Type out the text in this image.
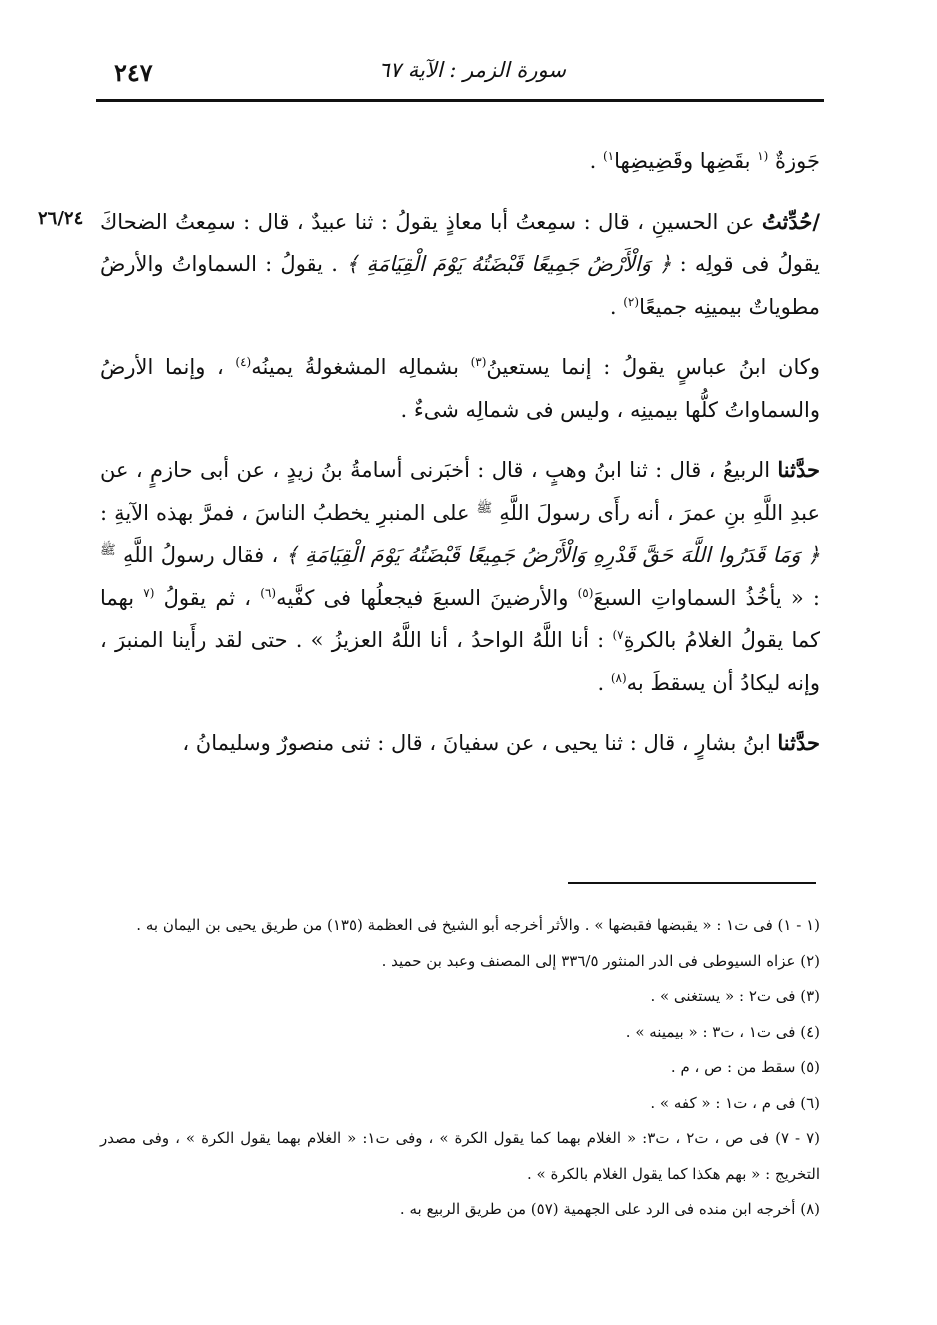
٢٤٧	سورة الزمر : الآية ٦٧
٢٦/٢٤

جَوزةٌ $^{(١}$ بقَضِها وقَضِيضِها$^{١)}$ .

/حُدِّثتُ عن الحسينِ ، قال : سمِعتُ أبا معاذٍ يقولُ : ثنا عبيدٌ ، قال : سمِعتُ الضحاكَ يقولُ فى قولِه : ﴿ وَالْأَرْضُ جَمِيعًا قَبْضَتُهُ يَوْمَ الْقِيَامَةِ ﴾ . يقولُ : السماواتُ والأرضُ مطوياتٌ بيمينِه جميعًا$^{(٢)}$ .

وكان ابنُ عباسٍ يقولُ : إنما يستعينُ$^{(٣)}$ بشمالِه المشغولةُ يمينُه$^{(٤)}$ ، وإنما الأرضُ والسماواتُ كلُّها بيمينِه ، وليس فى شمالِه شىءٌ .

حدَّثنا الربيعُ ، قال : ثنا ابنُ وهبٍ ، قال : أخبَرنى أسامةُ بنُ زيدٍ ، عن أبى حازمٍ ، عن عبدِ اللَّهِ بنِ عمرَ ، أنه رأَى رسولَ اللَّهِ $^ﷺ$ على المنبرِ يخطبُ الناسَ ، فمرَّ بهذه الآيةِ : ﴿ وَمَا قَدَرُوا اللَّهَ حَقَّ قَدْرِهِ وَالْأَرْضُ جَمِيعًا قَبْضَتُهُ يَوْمَ الْقِيَامَةِ ﴾ ، فقال رسولُ اللَّهِ $^ﷺ$ : « يأخُذُ السماواتِ السبعَ$^{(٥)}$ والأرضينَ السبعَ فيجعلُها فى كفَّيه$^{(٦)}$ ، ثم يقولُ $^{(٧}$ بهما كما يقولُ الغلامُ بالكرةِ$^{٧)}$ : أنا اللَّهُ الواحدُ ، أنا اللَّهُ العزيزُ » . حتى لقد رأَينا المنبرَ ، وإنه ليكادُ أن يسقطَ به$^{(٨)}$ .

حدَّثنا ابنُ بشارٍ ، قال : ثنا يحيى ، عن سفيانَ ، قال : ثنى منصورٌ وسليمانُ ،

(١ - ١) فى ت١ : « يقبضها فقبضها » . والأثر أخرجه أبو الشيخ فى العظمة (١٣٥) من طريق يحيى بن اليمان به .

(٢) عزاه السيوطى فى الدر المنثور ٣٣٦/٥ إلى المصنف وعبد بن حميد .

(٣) فى ت٢ : « يستغنى » .

(٤) فى ت١ ، ت٣ : « بيمينه » .

(٥) سقط من : ص ، م .

(٦) فى م ، ت١ : « كفه » .

(٧ - ٧) فى ص ، ت٢ ، ت٣: « الغلام بهما كما يقول الكرة » ، وفى ت١: « الغلام بهما يقول الكرة » ، وفى مصدر التخريج : « بهم هكذا كما يقول الغلام بالكرة » .

(٨) أخرجه ابن منده فى الرد على الجهمية (٥٧) من طريق الربيع به .
